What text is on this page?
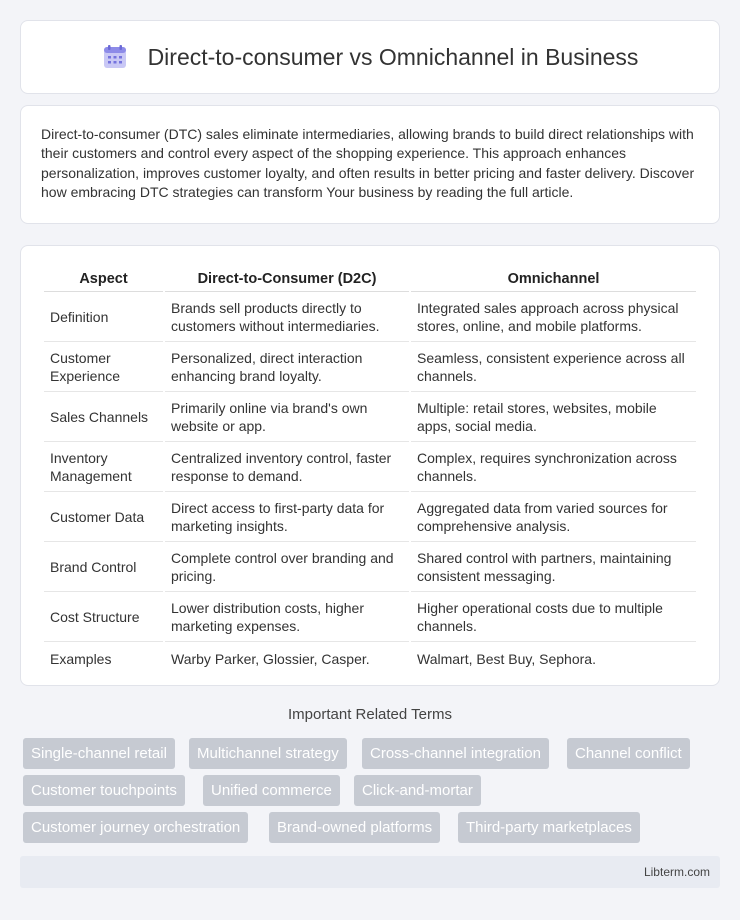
Direct-to-consumer vs Omnichannel in Business

Direct-to-consumer (DTC) sales eliminate intermediaries, allowing brands to build direct relationships with their customers and control every aspect of the shopping experience. This approach enhances personalization, improves customer loyalty, and often results in better pricing and faster delivery. Discover how embracing DTC strategies can transform Your business by reading the full article.

Aspect	Direct-to-Consumer (D2C)	Omnichannel
Definition	Brands sell products directly to customers without intermediaries.	Integrated sales approach across physical stores, online, and mobile platforms.
Customer Experience	Personalized, direct interaction enhancing brand loyalty.	Seamless, consistent experience across all channels.
Sales Channels	Primarily online via brand's own website or app.	Multiple: retail stores, websites, mobile apps, social media.
Inventory Management	Centralized inventory control, faster response to demand.	Complex, requires synchronization across channels.
Customer Data	Direct access to first-party data for marketing insights.	Aggregated data from varied sources for comprehensive analysis.
Brand Control	Complete control over branding and pricing.	Shared control with partners, maintaining consistent messaging.
Cost Structure	Lower distribution costs, higher marketing expenses.	Higher operational costs due to multiple channels.
Examples	Warby Parker, Glossier, Casper.	Walmart, Best Buy, Sephora.
Important Related Terms
Single-channel retail	Multichannel strategy	Cross-channel integration	Channel conflict
Customer touchpoints	Unified commerce	Click-and-mortar
Customer journey orchestration	Brand-owned platforms	Third-party marketplaces
Libterm.com
